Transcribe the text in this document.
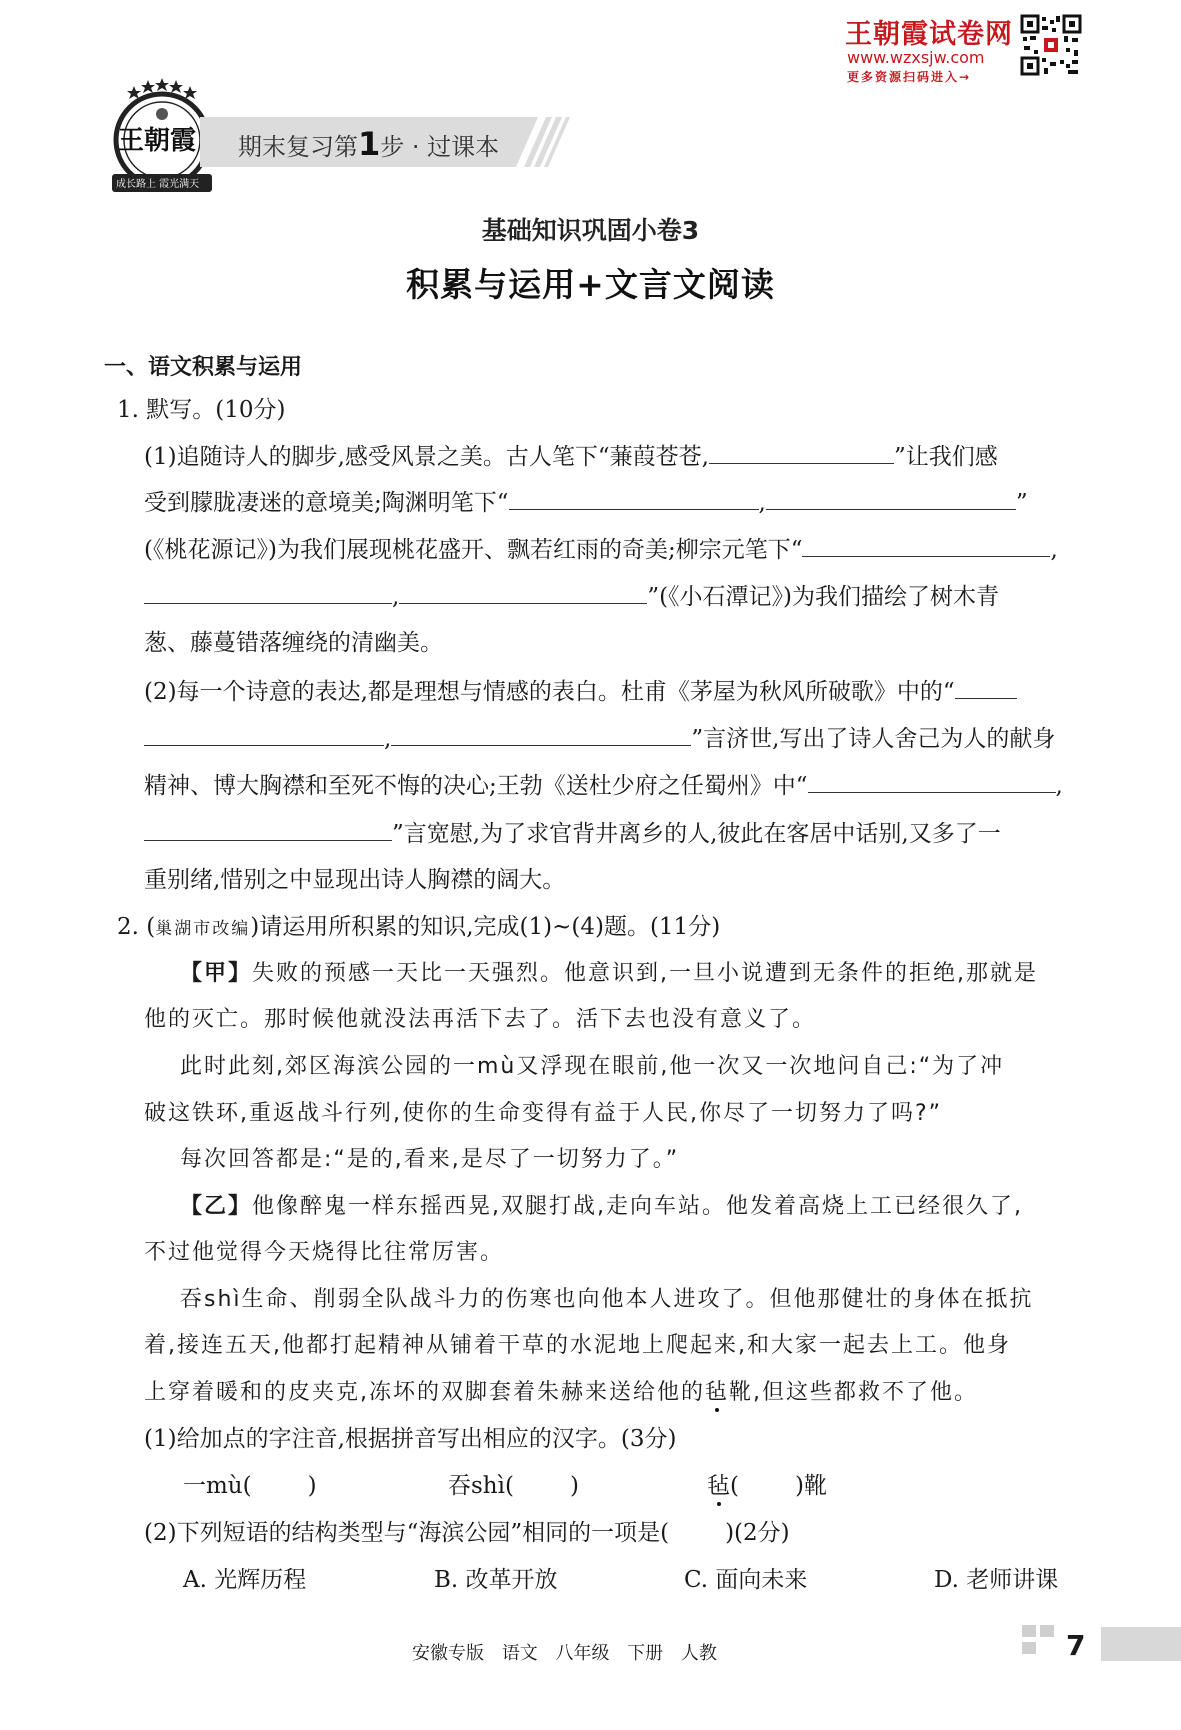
王朝霞试卷网
www.wzxsjw.com
更多资源扫码进入→
王朝霞
成长路上 霞光满天
期末复习第1步 · 过课本
基础知识巩固小卷3
积累与运用+文言文阅读
一、语文积累与运用
1. 默写。(10分)
(1)追随诗人的脚步,感受风景之美。古人笔下“蒹葭苍苍,	”让我们感
受到朦胧凄迷的意境美;陶渊明笔下“	,	”
(《桃花源记》)为我们展现桃花盛开、飘若红雨的奇美;柳宗元笔下“	,
,	”(《小石潭记》)为我们描绘了树木青
葱、藤蔓错落缠绕的清幽美。
(2)每一个诗意的表达,都是理想与情感的表白。杜甫《茅屋为秋风所破歌》中的“
,	”言济世,写出了诗人舍己为人的献身
精神、博大胸襟和至死不悔的决心;王勃《送杜少府之任蜀州》中“	,
”言宽慰,为了求官背井离乡的人,彼此在客居中话别,又多了一
重别绪,惜别之中显现出诗人胸襟的阔大。
2. (巢湖市改编)请运用所积累的知识,完成(1)~(4)题。(11分)
【甲】失败的预感一天比一天强烈。他意识到,一旦小说遭到无条件的拒绝,那就是
他的灭亡。那时候他就没法再活下去了。活下去也没有意义了。
此时此刻,郊区海滨公园的一mù又浮现在眼前,他一次又一次地问自己:“为了冲
破这铁环,重返战斗行列,使你的生命变得有益于人民,你尽了一切努力了吗?”
每次回答都是:“是的,看来,是尽了一切努力了。”
【乙】他像醉鬼一样东摇西晃,双腿打战,走向车站。他发着高烧上工已经很久了,
不过他觉得今天烧得比往常厉害。
吞shì生命、削弱全队战斗力的伤寒也向他本人进攻了。但他那健壮的身体在抵抗
着,接连五天,他都打起精神从铺着干草的水泥地上爬起来,和大家一起去上工。他身
上穿着暖和的皮夹克,冻坏的双脚套着朱赫来送给他的毡靴,但这些都救不了他。
(1)给加点的字注音,根据拼音写出相应的汉字。(3分)
一mù( )	吞shì( )	毡( )靴
(2)下列短语的结构类型与“海滨公园”相同的一项是( )(2分)
A. 光辉历程	B. 改革开放	C. 面向未来	D. 老师讲课
安徽专版 语文 八年级 下册 人教	7
